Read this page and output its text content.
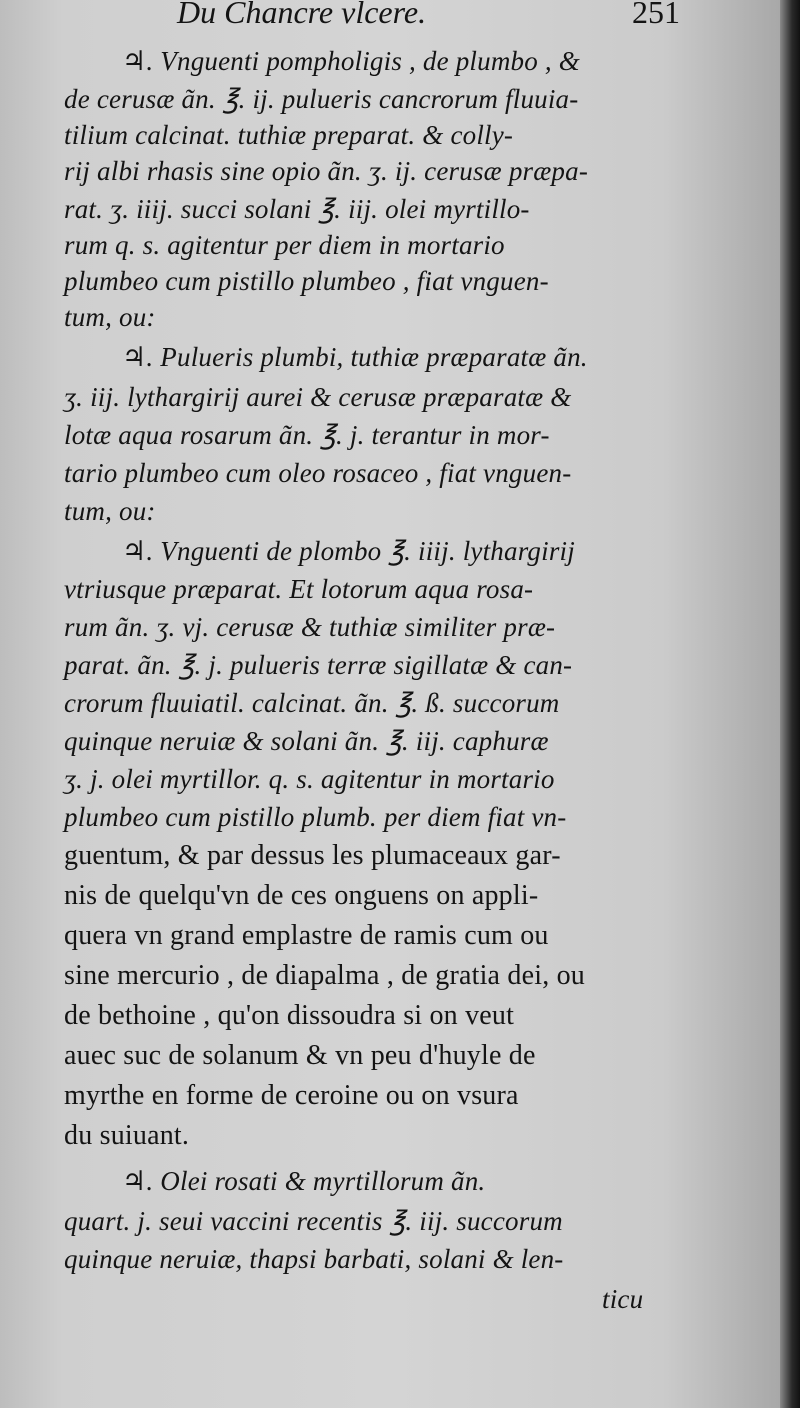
Du Chancre vlcere.	251
♃. Vnguenti pompholigis , de plumbo , &
de cerusæ ãn. ℥. ij. pulueris cancrorum fluuia-
tilium calcinat. tuthiæ preparat. & colly-
rij albi rhasis sine opio ãn. ʒ. ij. cerusæ præpa-
rat. ʒ. iiij. succi solani ℥. iij. olei myrtillo-
rum q. s. agitentur per diem in mortario
plumbeo cum pistillo plumbeo , fiat vnguen-
tum, ou:
♃. Pulueris plumbi, tuthiæ præparatæ ãn.
ʒ. iij. lythargirij aurei & cerusæ præparatæ &
lotæ aqua rosarum ãn. ℥. j. terantur in mor-
tario plumbeo cum oleo rosaceo , fiat vnguen-
tum, ou:
♃. Vnguenti de plombo ℥. iiij. lythargirij
vtriusque præparat. Et lotorum aqua rosa-
rum ãn. ʒ. vj. cerusæ & tuthiæ similiter præ-
parat. ãn. ℥. j. pulueris terræ sigillatæ & can-
crorum fluuiatil. calcinat. ãn. ℥. ß. succorum
quinque neruiæ & solani ãn. ℥. iij. caphuræ
ʒ. j. olei myrtillor. q. s. agitentur in mortario
plumbeo cum pistillo plumb. per diem fiat vn-
guentum, & par dessus les plumaceaux gar-
nis de quelqu'vn de ces onguens on appli-
quera vn grand emplastre de ramis cum ou
sine mercurio , de diapalma , de gratia dei, ou
de bethoine , qu'on dissoudra si on veut
auec suc de solanum & vn peu d'huyle de
myrthe en forme de ceroine ou on vsura
du suiuant.
♃. Olei rosati & myrtillorum ãn.
quart. j. seui vaccini recentis ℥. iij. succorum
quinque neruiæ, thapsi barbati, solani & len-
ticu
